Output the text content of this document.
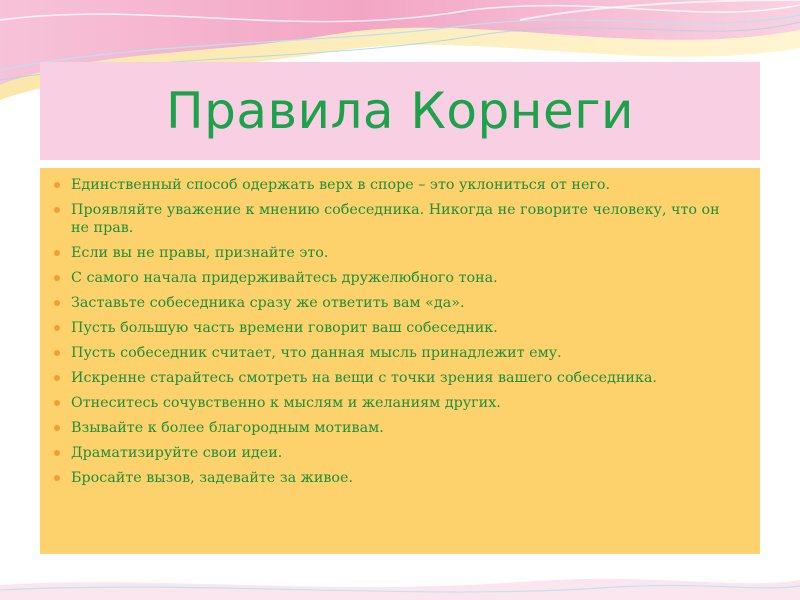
Правила Корнеги
Единственный способ одержать верх в споре – это уклониться от него.
Проявляйте уважение к мнению собеседника. Никогда не говорите человеку, что он не прав.
Если вы не правы, признайте это.
С самого начала придерживайтесь дружелюбного тона.
Заставьте собеседника сразу же ответить вам «да».
Пусть большую часть времени говорит ваш собеседник.
Пусть собеседник считает, что данная мысль принадлежит ему.
Искренне старайтесь смотреть на вещи с точки зрения вашего собеседника.
Отнеситесь сочувственно к мыслям и желаниям других.
Взывайте к более благородным мотивам.
Драматизируйте свои идеи.
Бросайте вызов, задевайте за живое.
